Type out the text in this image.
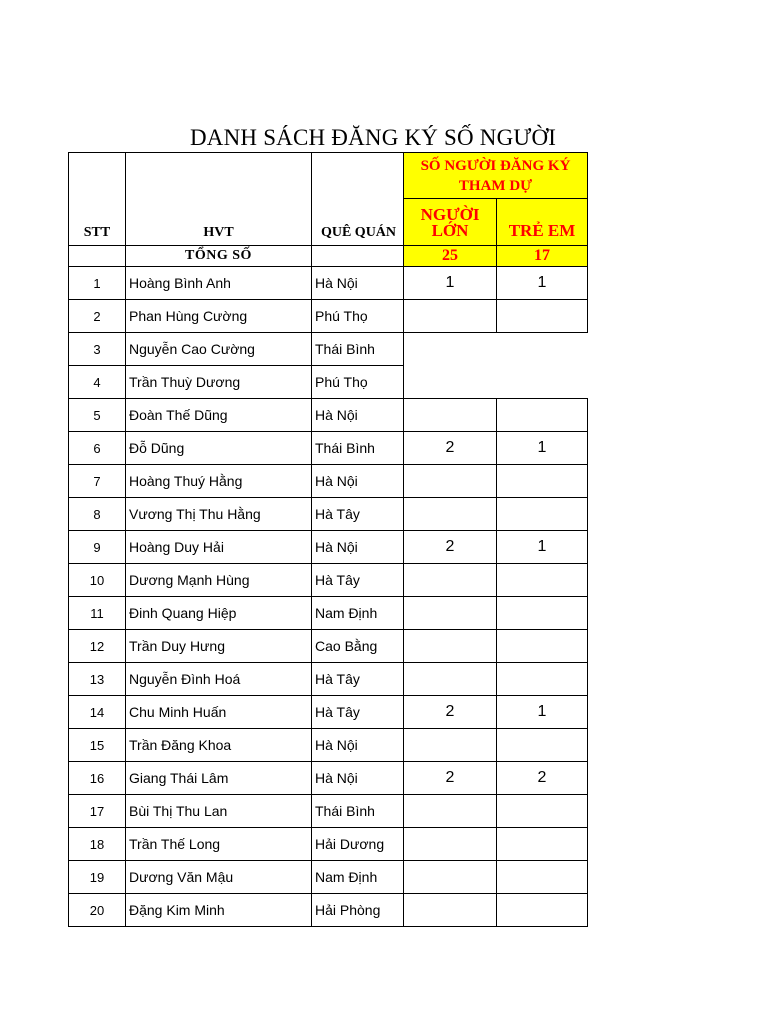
DANH SÁCH ĐĂNG KÝ SỐ NGƯỜI
STT	HVT	QUÊ QUÁN	SỐ NGƯỜI ĐĂNG KÝ THAM DỰ	
			NGƯỜI LỚN	TRẺ EM
	TỔNG SỐ		25	17
1	Hoàng Bình Anh	Hà Nội	1	1
2	Phan Hùng Cường	Phú Thọ		
3	Nguyễn Cao Cường	Thái Bình		
4	Trần Thuỳ Dương	Phú Thọ		
5	Đoàn Thế Dũng	Hà Nội		
6	Đỗ Dũng	Thái Bình	2	1
7	Hoàng Thuý Hằng	Hà Nội		
8	Vương Thị Thu Hằng	Hà Tây		
9	Hoàng Duy Hải	Hà Nội	2	1
10	Dương Mạnh Hùng	Hà Tây		
11	Đinh Quang Hiệp	Nam Định		
12	Trần Duy Hưng	Cao Bằng		
13	Nguyễn Đình Hoá	Hà Tây		
14	Chu Minh Huấn	Hà Tây	2	1
15	Trần Đăng Khoa	Hà Nội		
16	Giang Thái Lâm	Hà Nội	2	2
17	Bùi Thị Thu Lan	Thái Bình		
18	Trần Thế Long	Hải Dương		
19	Dương Văn Mậu	Nam Định		
20	Đặng Kim Minh	Hải Phòng		
